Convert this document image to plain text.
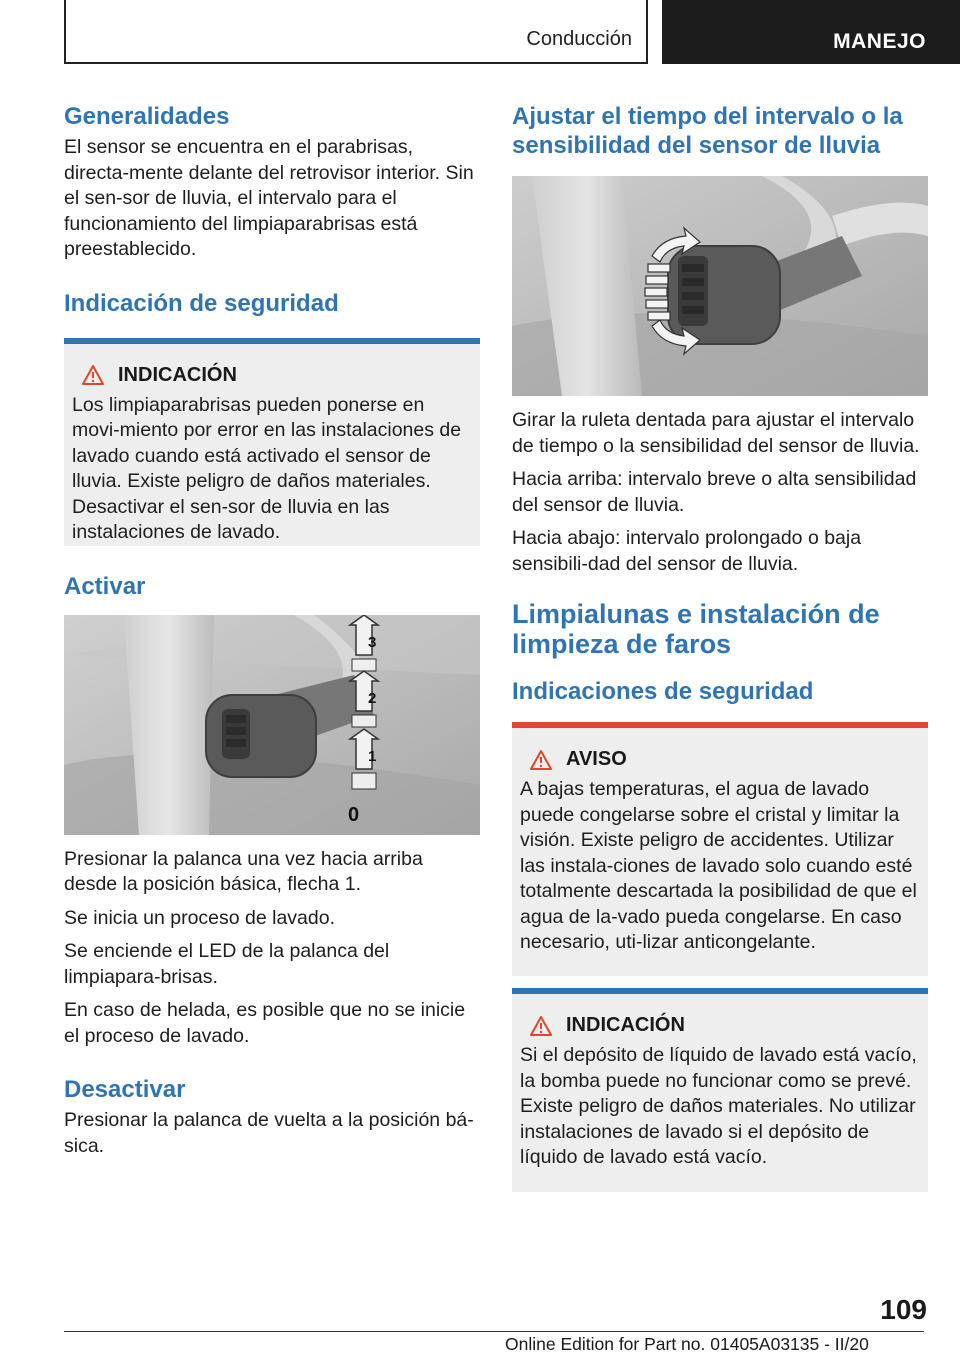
Conducción	MANEJO
Generalidades

El sensor se encuentra en el parabrisas, directa-mente delante del retrovisor interior. Sin el sen-sor de lluvia, el intervalo para el funcionamiento del limpiaparabrisas está preestablecido.

Indicación de seguridad
INDICACIÓN

Los limpiaparabrisas pueden ponerse en movi-miento por error en las instalaciones de lavado cuando está activado el sensor de lluvia. Existe peligro de daños materiales. Desactivar el sen-sor de lluvia en las instalaciones de lavado.

Activar
3
2
1
0

Presionar la palanca una vez hacia arriba desde la posición básica, flecha 1.

Se inicia un proceso de lavado.

Se enciende el LED de la palanca del limpiapara-brisas.

En caso de helada, es posible que no se inicie el proceso de lavado.

Desactivar

Presionar la palanca de vuelta a la posición bá-sica.

Ajustar el tiempo del intervalo o la sensibilidad del sensor de lluvia

Girar la ruleta dentada para ajustar el intervalo de tiempo o la sensibilidad del sensor de lluvia.

Hacia arriba: intervalo breve o alta sensibilidad del sensor de lluvia.

Hacia abajo: intervalo prolongado o baja sensibili-dad del sensor de lluvia.

Limpialunas e instalación de limpieza de faros
Indicaciones de seguridad
AVISO

A bajas temperaturas, el agua de lavado puede congelarse sobre el cristal y limitar la visión. Existe peligro de accidentes. Utilizar las instala-ciones de lavado solo cuando esté totalmente descartada la posibilidad de que el agua de la-vado pueda congelarse. En caso necesario, uti-lizar anticongelante.

INDICACIÓN

Si el depósito de líquido de lavado está vacío, la bomba puede no funcionar como se prevé. Existe peligro de daños materiales. No utilizar instalaciones de lavado si el depósito de líquido de lavado está vacío.

109
Online Edition for Part no. 01405A03135 - II/20
